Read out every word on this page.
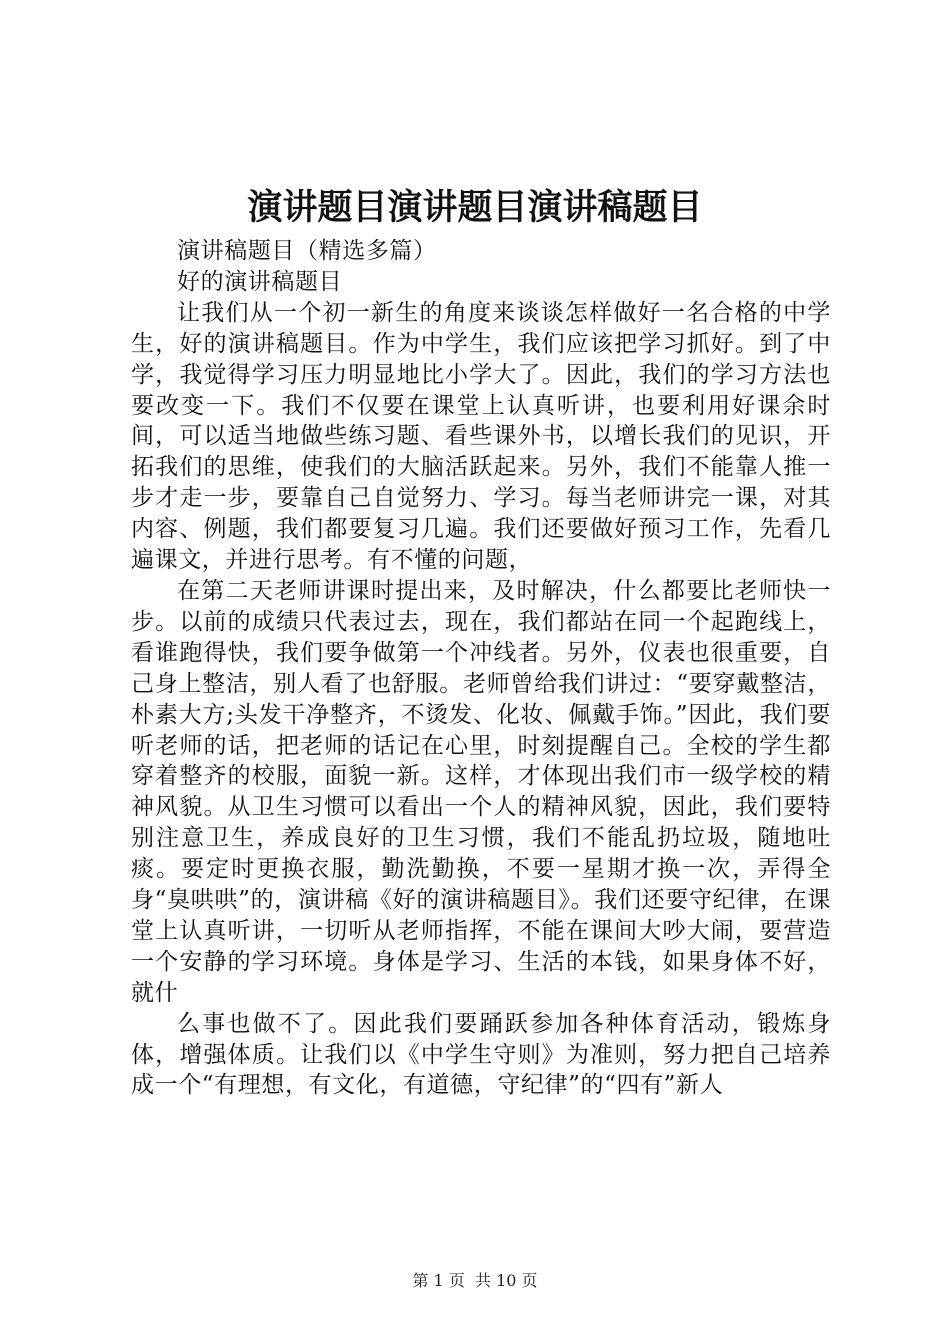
演讲题目演讲题目演讲稿题目

演讲稿题目（精选多篇）

好的演讲稿题目

让我们从一个初一新生的角度来谈谈怎样做好一名合格的中学生，好的演讲稿题目。作为中学生，我们应该把学习抓好。到了中学，我觉得学习压力明显地比小学大了。因此，我们的学习方法也要改变一下。我们不仅要在课堂上认真听讲，也要利用好课余时间，可以适当地做些练习题、看些课外书，以增长我们的见识，开拓我们的思维，使我们的大脑活跃起来。另外，我们不能靠人推一步才走一步，要靠自己自觉努力、学习。每当老师讲完一课，对其内容、例题，我们都要复习几遍。我们还要做好预习工作，先看几遍课文，并进行思考。有不懂的问题，

在第二天老师讲课时提出来，及时解决，什么都要比老师快一步。以前的成绩只代表过去，现在，我们都站在同一个起跑线上，看谁跑得快，我们要争做第一个冲线者。另外，仪表也很重要，自己身上整洁，别人看了也舒服。老师曾给我们讲过：“要穿戴整洁，朴素大方;头发干净整齐，不烫发、化妆、佩戴手饰。”因此，我们要听老师的话，把老师的话记在心里，时刻提醒自己。全校的学生都穿着整齐的校服，面貌一新。这样，才体现出我们市一级学校的精神风貌。从卫生习惯可以看出一个人的精神风貌，因此，我们要特别注意卫生，养成良好的卫生习惯，我们不能乱扔垃圾，随地吐痰。要定时更换衣服，勤洗勤换，不要一星期才换一次，弄得全身“臭哄哄”的，演讲稿《好的演讲稿题目》。我们还要守纪律，在课堂上认真听讲，一切听从老师指挥，不能在课间大吵大闹，要营造一个安静的学习环境。身体是学习、生活的本钱，如果身体不好，就什

么事也做不了。因此我们要踊跃参加各种体育活动，锻炼身体，增强体质。让我们以《中学生守则》为准则，努力把自己培养成一个“有理想，有文化，有道德，守纪律”的“四有”新人

第 1 页  共 10 页
